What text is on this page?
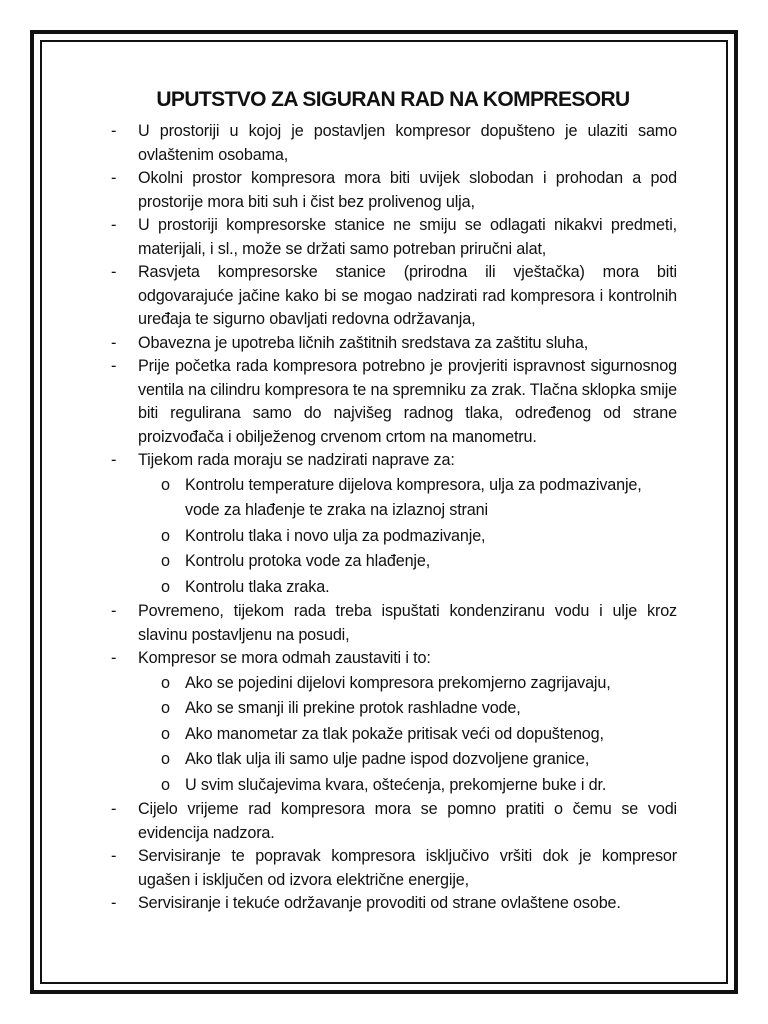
UPUTSTVO ZA SIGURAN RAD NA KOMPRESORU
- U prostoriji u kojoj je postavljen kompresor dopušteno je ulaziti samo ovlaštenim osobama,
- Okolni prostor kompresora mora biti uvijek slobodan i prohodan a pod prostorije mora biti suh i čist bez prolivenog ulja,
- U prostoriji kompresorske stanice ne smiju se odlagati nikakvi predmeti, materijali, i sl., može se držati samo potreban priručni alat,
- Rasvjeta kompresorske stanice (prirodna ili vještačka) mora biti odgovarajuće jačine kako bi se mogao nadzirati rad kompresora i kontrolnih uređaja te sigurno obavljati redovna održavanja,
- Obavezna je upotreba ličnih zaštitnih sredstava za zaštitu sluha,
- Prije početka rada kompresora potrebno je provjeriti ispravnost sigurnosnog ventila na cilindru kompresora te na spremniku za zrak. Tlačna sklopka smije biti regulirana samo do najvišeg radnog tlaka, određenog od strane proizvođača i obilježenog crvenom crtom na manometru.
- Tijekom rada moraju se nadzirati naprave za:
o Kontrolu temperature dijelova kompresora, ulja za podmazivanje, vode za hlađenje te zraka na izlaznoj strani
o Kontrolu tlaka i novo ulja za podmazivanje,
o Kontrolu protoka vode za hlađenje,
o Kontrolu tlaka zraka.
- Povremeno, tijekom rada treba ispuštati kondenziranu vodu i ulje kroz slavinu postavljenu na posudi,
- Kompresor se mora odmah zaustaviti i to:
o Ako se pojedini dijelovi kompresora prekomjerno zagrijavaju,
o Ako se smanji ili prekine protok rashladne vode,
o Ako manometar za tlak pokaže pritisak veći od dopuštenog,
o Ako tlak ulja ili samo ulje padne ispod dozvoljene granice,
o U svim slučajevima kvara, oštećenja, prekomjerne buke i dr.
- Cijelo vrijeme rad kompresora mora se pomno pratiti o čemu se vodi evidencija nadzora.
- Servisiranje te popravak kompresora isključivo vršiti dok je kompresor ugašen i isključen od izvora električne energije,
- Servisiranje i tekuće održavanje provoditi od strane ovlaštene osobe.
